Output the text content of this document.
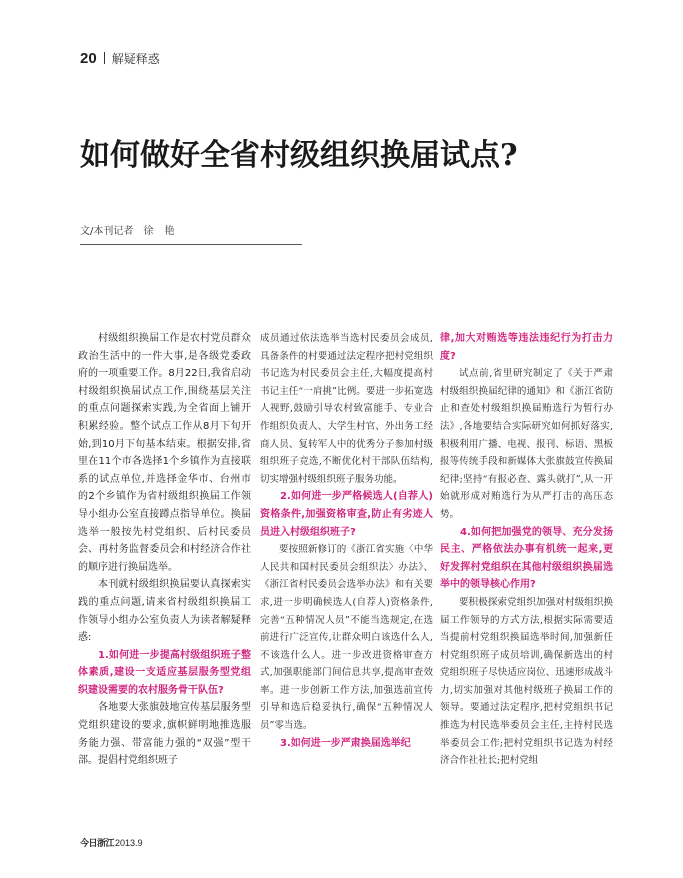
20 解疑释惑
如何做好全省村级组织换届试点?
文/本刊记者 徐 艳

村级组织换届工作是农村党员群众政治生活中的一件大事,是各级党委政府的一项重要工作。8月22日,我省启动村级组织换届试点工作,围绕基层关注的重点问题探索实践,为全省面上铺开积累经验。整个试点工作从8月下旬开始,到10月下旬基本结束。根据安排,省里在11个市各选择1个乡镇作为直接联系的试点单位,并选择金华市、台州市的2个乡镇作为省村级组织换届工作领导小组办公室直接蹲点指导单位。换届选举一般按先村党组织、后村民委员会、再村务监督委员会和村经济合作社的顺序进行换届选举。

本刊就村级组织换届要认真探索实践的重点问题,请来省村级组织换届工作领导小组办公室负责人为读者解疑释惑:

1.如何进一步提高村级组织班子整体素质,建设一支适应基层服务型党组织建设需要的农村服务骨干队伍?

各地要大张旗鼓地宣传基层服务型党组织建设的要求,旗帜鲜明地推选服务能力强、带富能力强的“双强”型干部。提倡村党组织班子

成员通过依法选举当选村民委员会成员,具备条件的村要通过法定程序把村党组织书记选为村民委员会主任,大幅度提高村书记主任“一肩挑”比例。要进一步拓宽选人视野,鼓励引导农村致富能手、专业合作组织负责人、大学生村官、外出务工经商人员、复转军人中的优秀分子参加村级组织班子竞选,不断优化村干部队伍结构,切实增强村级组织班子服务功能。

2.如何进一步严格候选人(自荐人)资格条件,加强资格审查,防止有劣迹人员进入村级组织班子?

要按照新修订的《浙江省实施〈中华人民共和国村民委员会组织法〉办法》、《浙江省村民委员会选举办法》和有关要求,进一步明确候选人(自荐人)资格条件,完善“五种情况人员”不能当选规定,在选前进行广泛宣传,让群众明白该选什么人,不该选什么人。进一步改进资格审查方式,加强职能部门间信息共享,提高审查效率。进一步创新工作方法,加强选前宣传引导和选后稳妥执行,确保“五种情况人员”零当选。

3.如何进一步严肃换届选举纪

律,加大对贿选等违法违纪行为打击力度?

试点前,省里研究制定了《关于严肃村级组织换届纪律的通知》和《浙江省防止和查处村级组织换届贿选行为暂行办法》,各地要结合实际研究如何抓好落实,积极利用广播、电视、报刊、标语、黑板报等传统手段和新媒体大张旗鼓宣传换届纪律;坚持“有报必查、露头就打”,从一开始就形成对贿选行为从严打击的高压态势。

4.如何把加强党的领导、充分发扬民主、严格依法办事有机统一起来,更好发挥村党组织在其他村级组织换届选举中的领导核心作用?

要积极探索党组织加强对村级组织换届工作领导的方式方法,根据实际需要适当提前村党组织换届选举时间,加强新任村党组织班子成员培训,确保新选出的村党组织班子尽快适应岗位、迅速形成战斗力,切实加强对其他村级班子换届工作的领导。要通过法定程序,把村党组织书记推选为村民选举委员会主任,主持村民选举委员会工作;把村党组织书记选为村经济合作社社长;把村党组

今日浙江 2013.9
